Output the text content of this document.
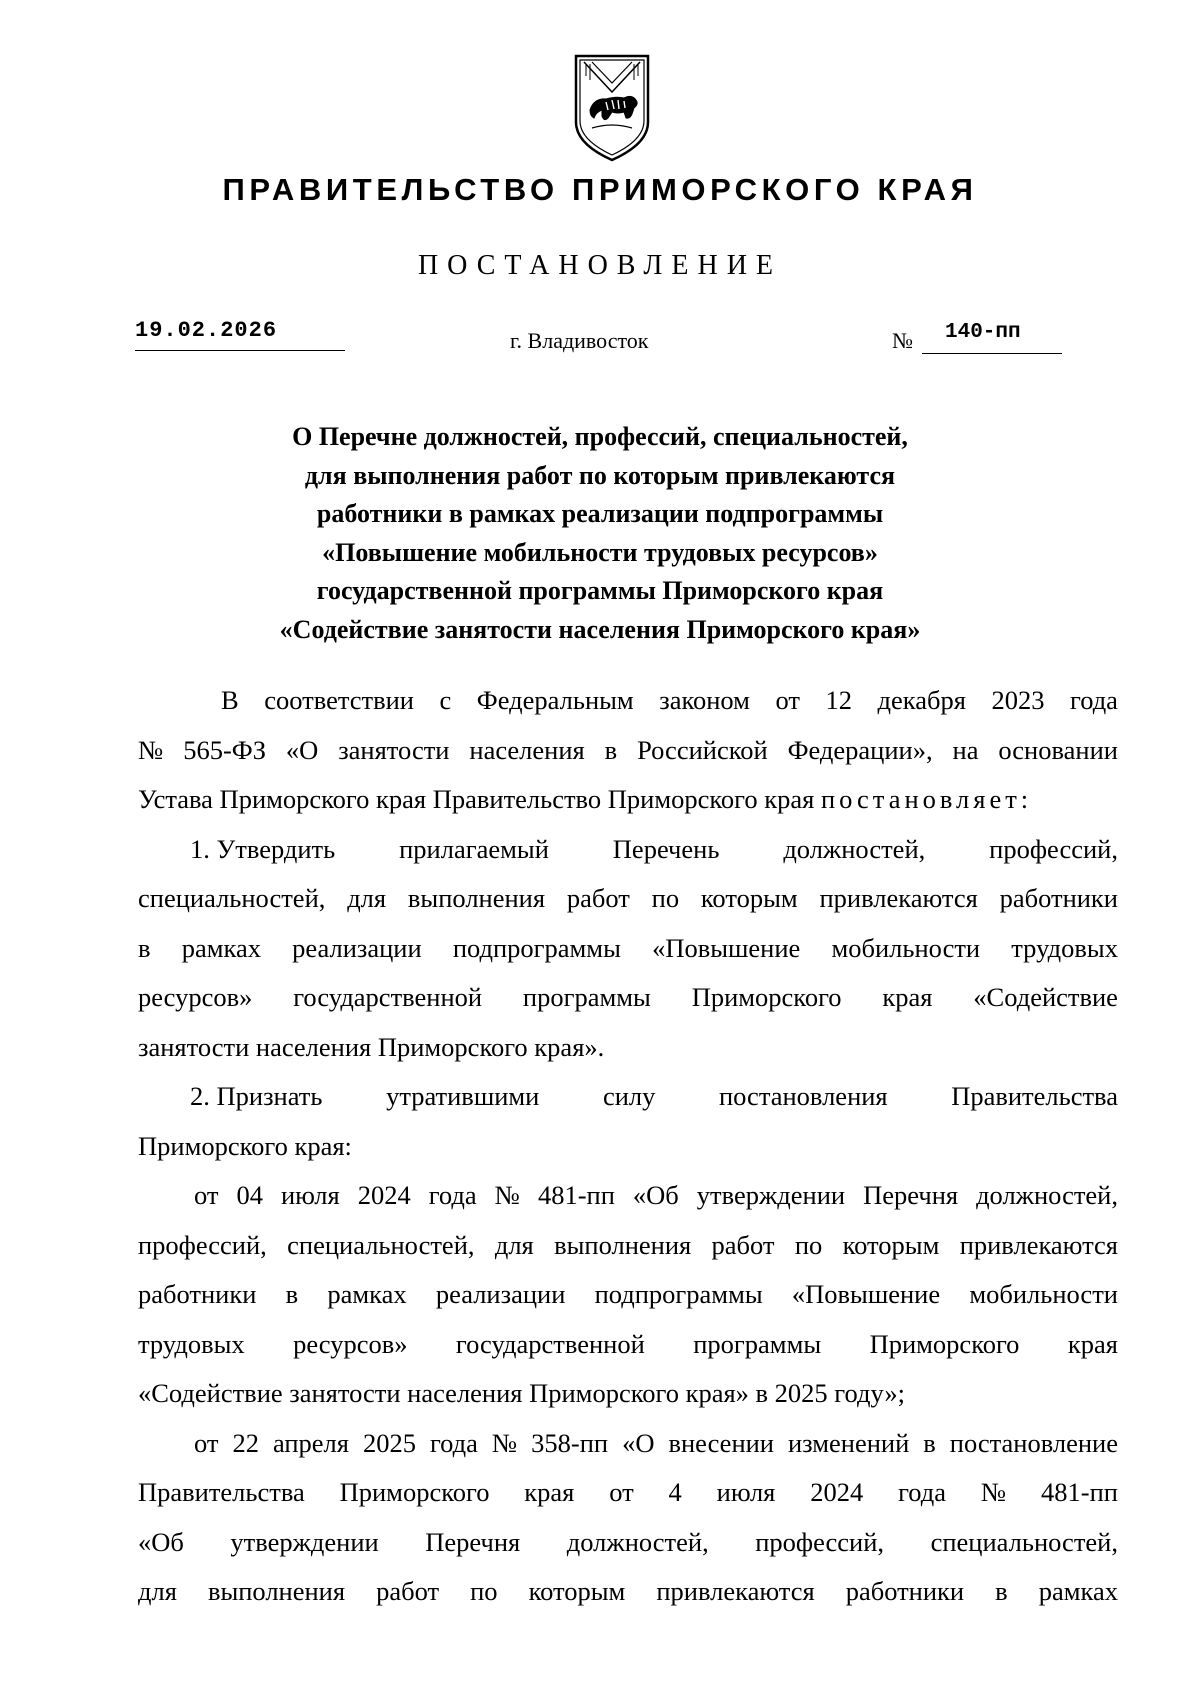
ПРАВИТЕЛЬСТВО ПРИМОРСКОГО КРАЯ
ПОСТАНОВЛЕНИЕ
19.02.2026	г. Владивосток	№ 140-пп
О Перечне должностей, профессий, специальностей,
для выполнения работ по которым привлекаются
работники в рамках реализации подпрограммы
«Повышение мобильности трудовых ресурсов»
государственной программы Приморского края
«Содействие занятости населения Приморского края»
В соответствии с Федеральным законом от 12 декабря 2023 года
№ 565-ФЗ «О занятости населения в Российской Федерации», на основании
Устава Приморского края Правительство Приморского края постановляет:
1. Утвердить прилагаемый Перечень должностей, профессий,
специальностей, для выполнения работ по которым привлекаются работники
в рамках реализации подпрограммы «Повышение мобильности трудовых
ресурсов» государственной программы Приморского края «Содействие
занятости населения Приморского края».
2. Признать утратившими силу постановления Правительства
Приморского края:
от 04 июля 2024 года № 481-пп «Об утверждении Перечня должностей,
профессий, специальностей, для выполнения работ по которым привлекаются
работники в рамках реализации подпрограммы «Повышение мобильности
трудовых ресурсов» государственной программы Приморского края
«Содействие занятости населения Приморского края» в 2025 году»;
от 22 апреля 2025 года № 358-пп «О внесении изменений в постановление
Правительства Приморского края от 4 июля 2024 года № 481-пп
«Об утверждении Перечня должностей, профессий, специальностей,
для выполнения работ по которым привлекаются работники в рамках
